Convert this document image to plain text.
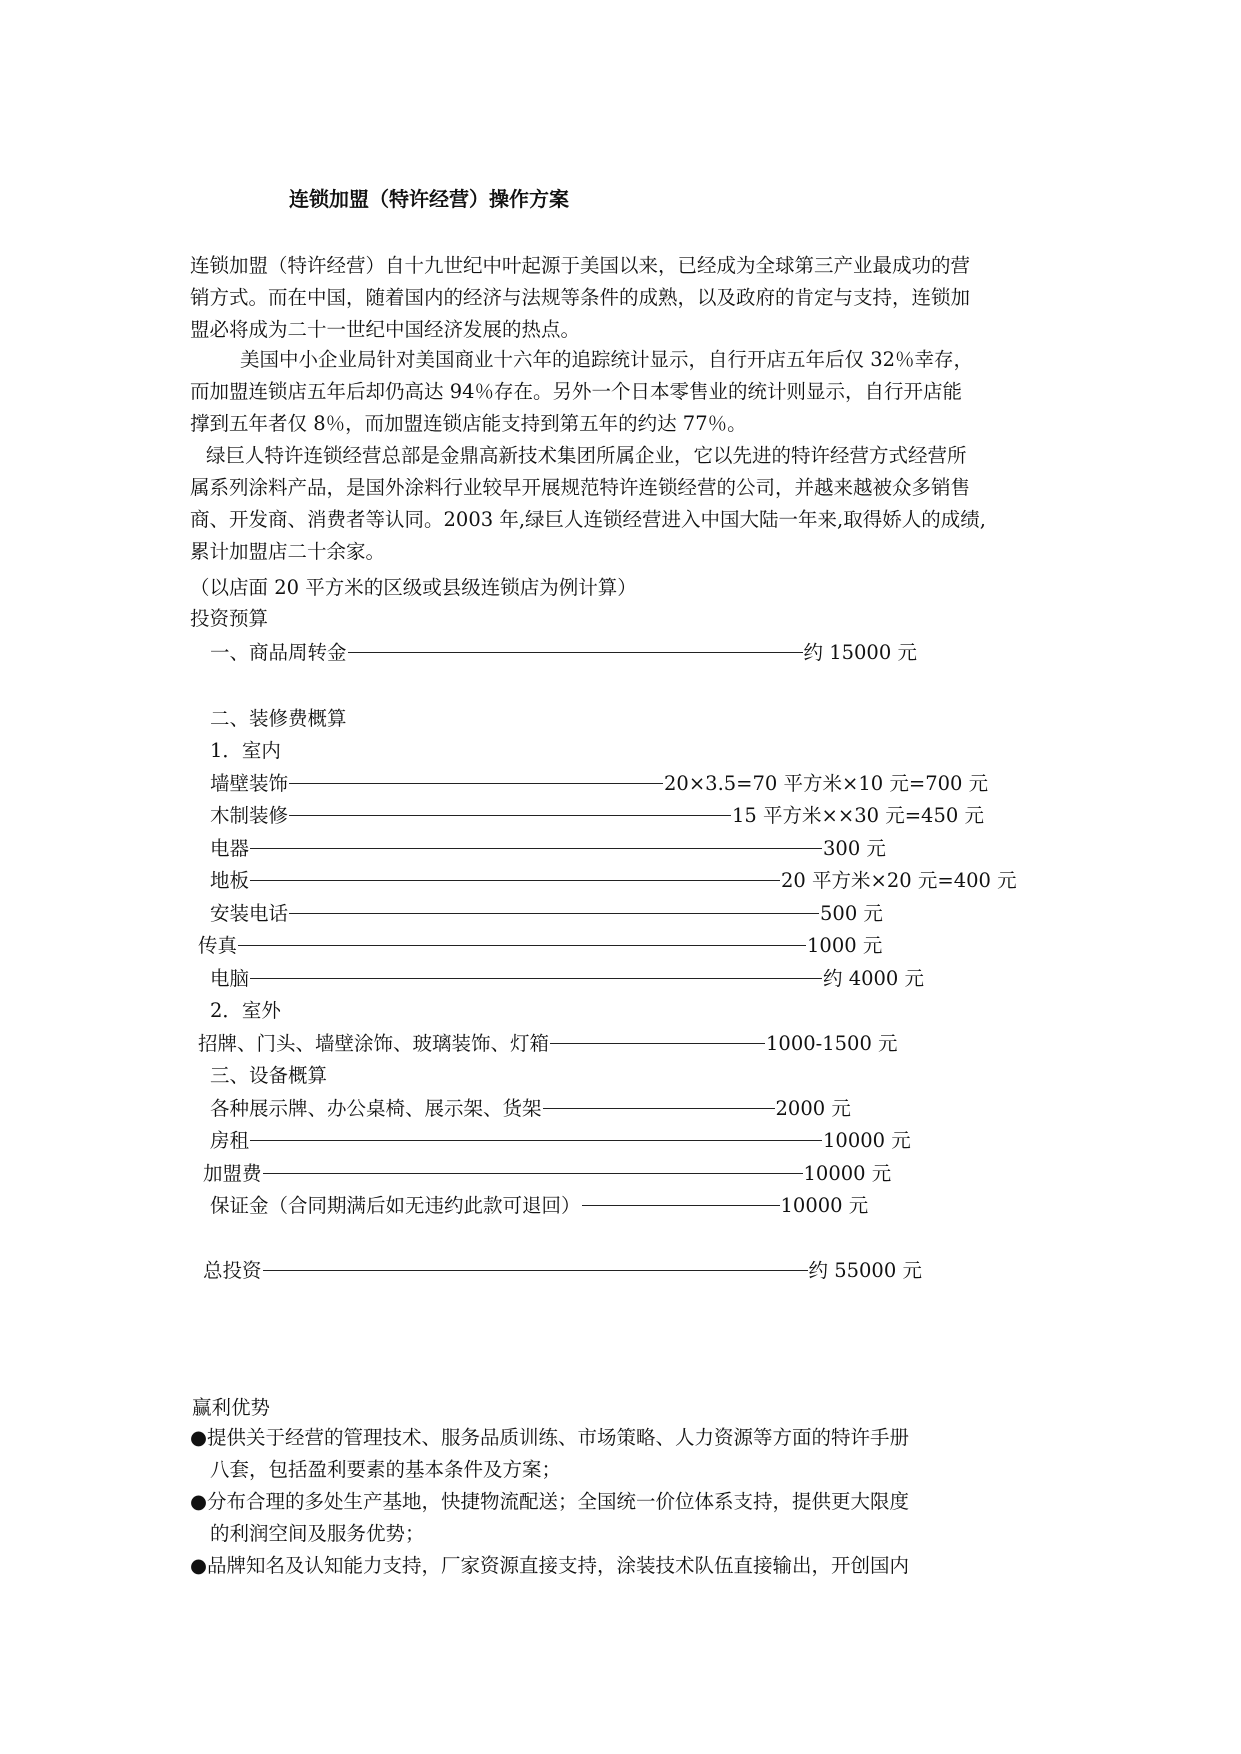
连锁加盟（特许经营）操作方案
连锁加盟（特许经营）自十九世纪中叶起源于美国以来，已经成为全球第三产业最成功的营
销方式。而在中国，随着国内的经济与法规等条件的成熟，以及政府的肯定与支持，连锁加
盟必将成为二十一世纪中国经济发展的热点。
美国中小企业局针对美国商业十六年的追踪统计显示，自行开店五年后仅 32％幸存，
而加盟连锁店五年后却仍高达 94％存在。另外一个日本零售业的统计则显示，自行开店能
撑到五年者仅 8％，而加盟连锁店能支持到第五年的约达 77％。
绿巨人特许连锁经营总部是金鼎高新技术集团所属企业，它以先进的特许经营方式经营所
属系列涂料产品，是国外涂料行业较早开展规范特许连锁经营的公司，并越来越被众多销售
商、开发商、消费者等认同。2003 年,绿巨人连锁经营进入中国大陆一年来,取得娇人的成绩,
累计加盟店二十余家。
（以店面 20 平方米的区级或县级连锁店为例计算）
投资预算
一、商品周转金	约 15000 元
二、装修费概算
1．室内
墙壁装饰	20×3.5=70 平方米×10 元=700 元
木制装修	15 平方米××30 元=450 元
电器	300 元
地板	20 平方米×20 元=400 元
安装电话	500 元
传真	1000 元
电脑	约 4000 元
2．室外
招牌、门头、墙壁涂饰、玻璃装饰、灯箱	1000-1500 元
三、设备概算
各种展示牌、办公桌椅、展示架、货架	2000 元
房租	10000 元
加盟费	10000 元
保证金（合同期满后如无违约此款可退回）	10000 元
总投资	约 55000 元
赢利优势
●提供关于经营的管理技术、服务品质训练、市场策略、人力资源等方面的特许手册
八套，包括盈利要素的基本条件及方案；
●分布合理的多处生产基地，快捷物流配送；全国统一价位体系支持，提供更大限度
的利润空间及服务优势；
●品牌知名及认知能力支持，厂家资源直接支持，涂装技术队伍直接输出，开创国内
